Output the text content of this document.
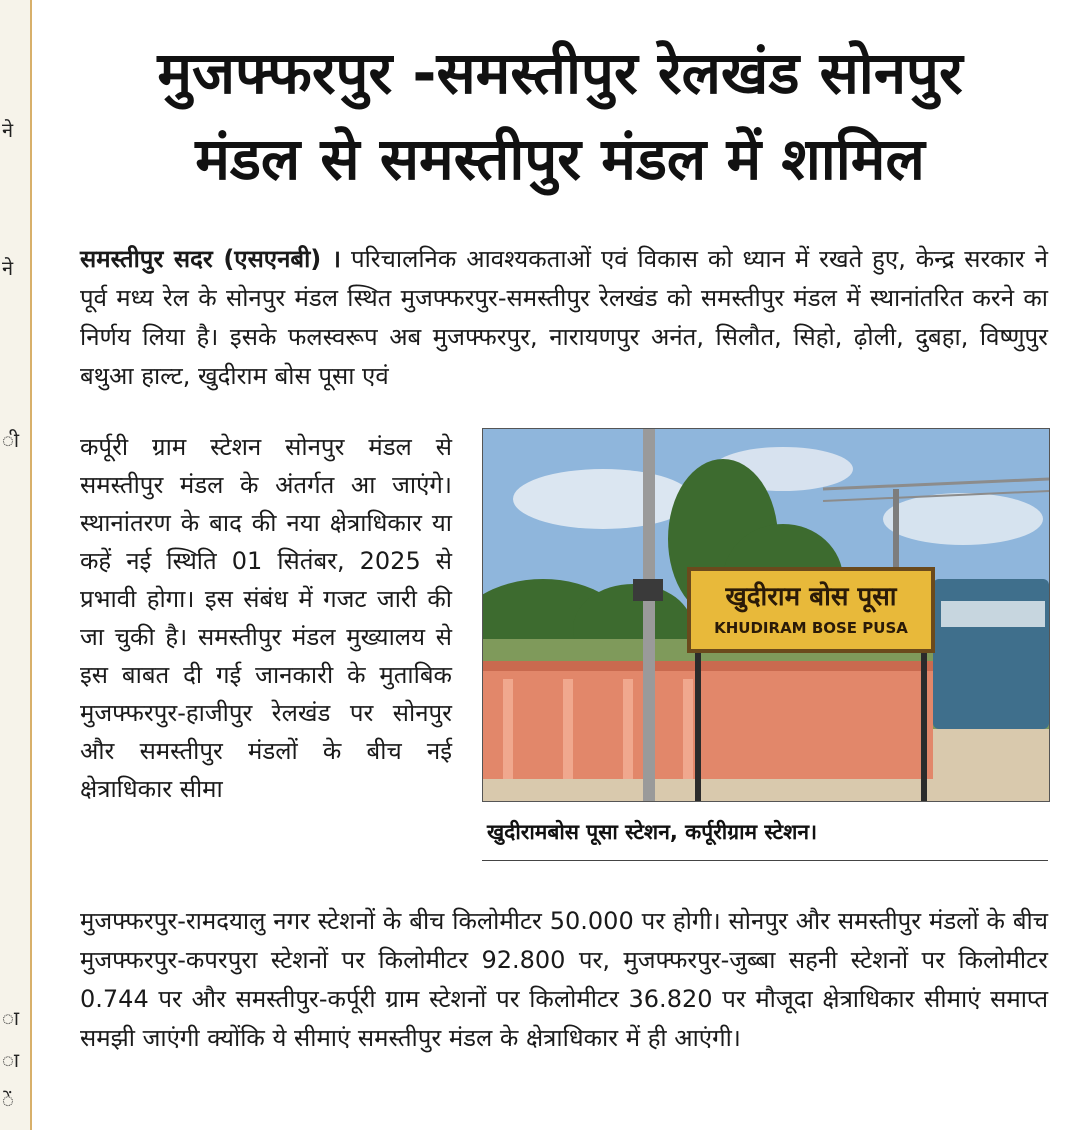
ने
ने
ी
ा
ा
ें
मुजफ्फरपुर -समस्तीपुर रेलखंड सोनपुर
मंडल से समस्तीपुर मंडल में शामिल

समस्तीपुर सदर (एसएनबी) । परिचालनिक आवश्यकताओं एवं विकास को ध्यान में रखते हुए, केन्द्र सरकार ने पूर्व मध्य रेल के सोनपुर मंडल स्थित मुजफ्फरपुर-समस्तीपुर रेलखंड को समस्तीपुर मंडल में स्थानांतरित करने का निर्णय लिया है। इसके फलस्वरूप अब मुजफ्फरपुर, नारायणपुर अनंत, सिलौत, सिहो, ढ़ोली, दुबहा, विष्णुपुर बथुआ हाल्ट, खुदीराम बोस पूसा एवं

कर्पूरी ग्राम स्टेशन सोनपुर मंडल से समस्तीपुर मंडल के अंतर्गत आ जाएंगे। स्थानांतरण के बाद की नया क्षेत्राधिकार या कहें नई स्थिति 01 सितंबर, 2025 से प्रभावी होगा। इस संबंध में गजट जारी की जा चुकी है। समस्तीपुर मंडल मुख्यालय से इस बाबत दी गई जानकारी के मुताबिक मुजफ्फरपुर-हाजीपुर रेलखंड पर सोनपुर और समस्तीपुर मंडलों के बीच नई क्षेत्राधिकार सीमा

खुदीराम बोस पूसा
KHUDIRAM BOSE PUSA
खुदीरामबोस पूसा स्टेशन, कर्पूरीग्राम स्टेशन।

मुजफ्फरपुर-रामदयालु नगर स्टेशनों के बीच किलोमीटर 50.000 पर होगी। सोनपुर और समस्तीपुर मंडलों के बीच मुजफ्फरपुर-कपरपुरा स्टेशनों पर किलोमीटर 92.800 पर, मुजफ्फरपुर-जुब्बा सहनी स्टेशनों पर किलोमीटर 0.744 पर और समस्तीपुर-कर्पूरी ग्राम स्टेशनों पर किलोमीटर 36.820 पर मौजूदा क्षेत्राधिकार सीमाएं समाप्त समझी जाएंगी क्योंकि ये सीमाएं समस्तीपुर मंडल के क्षेत्राधिकार में ही आएंगी।
